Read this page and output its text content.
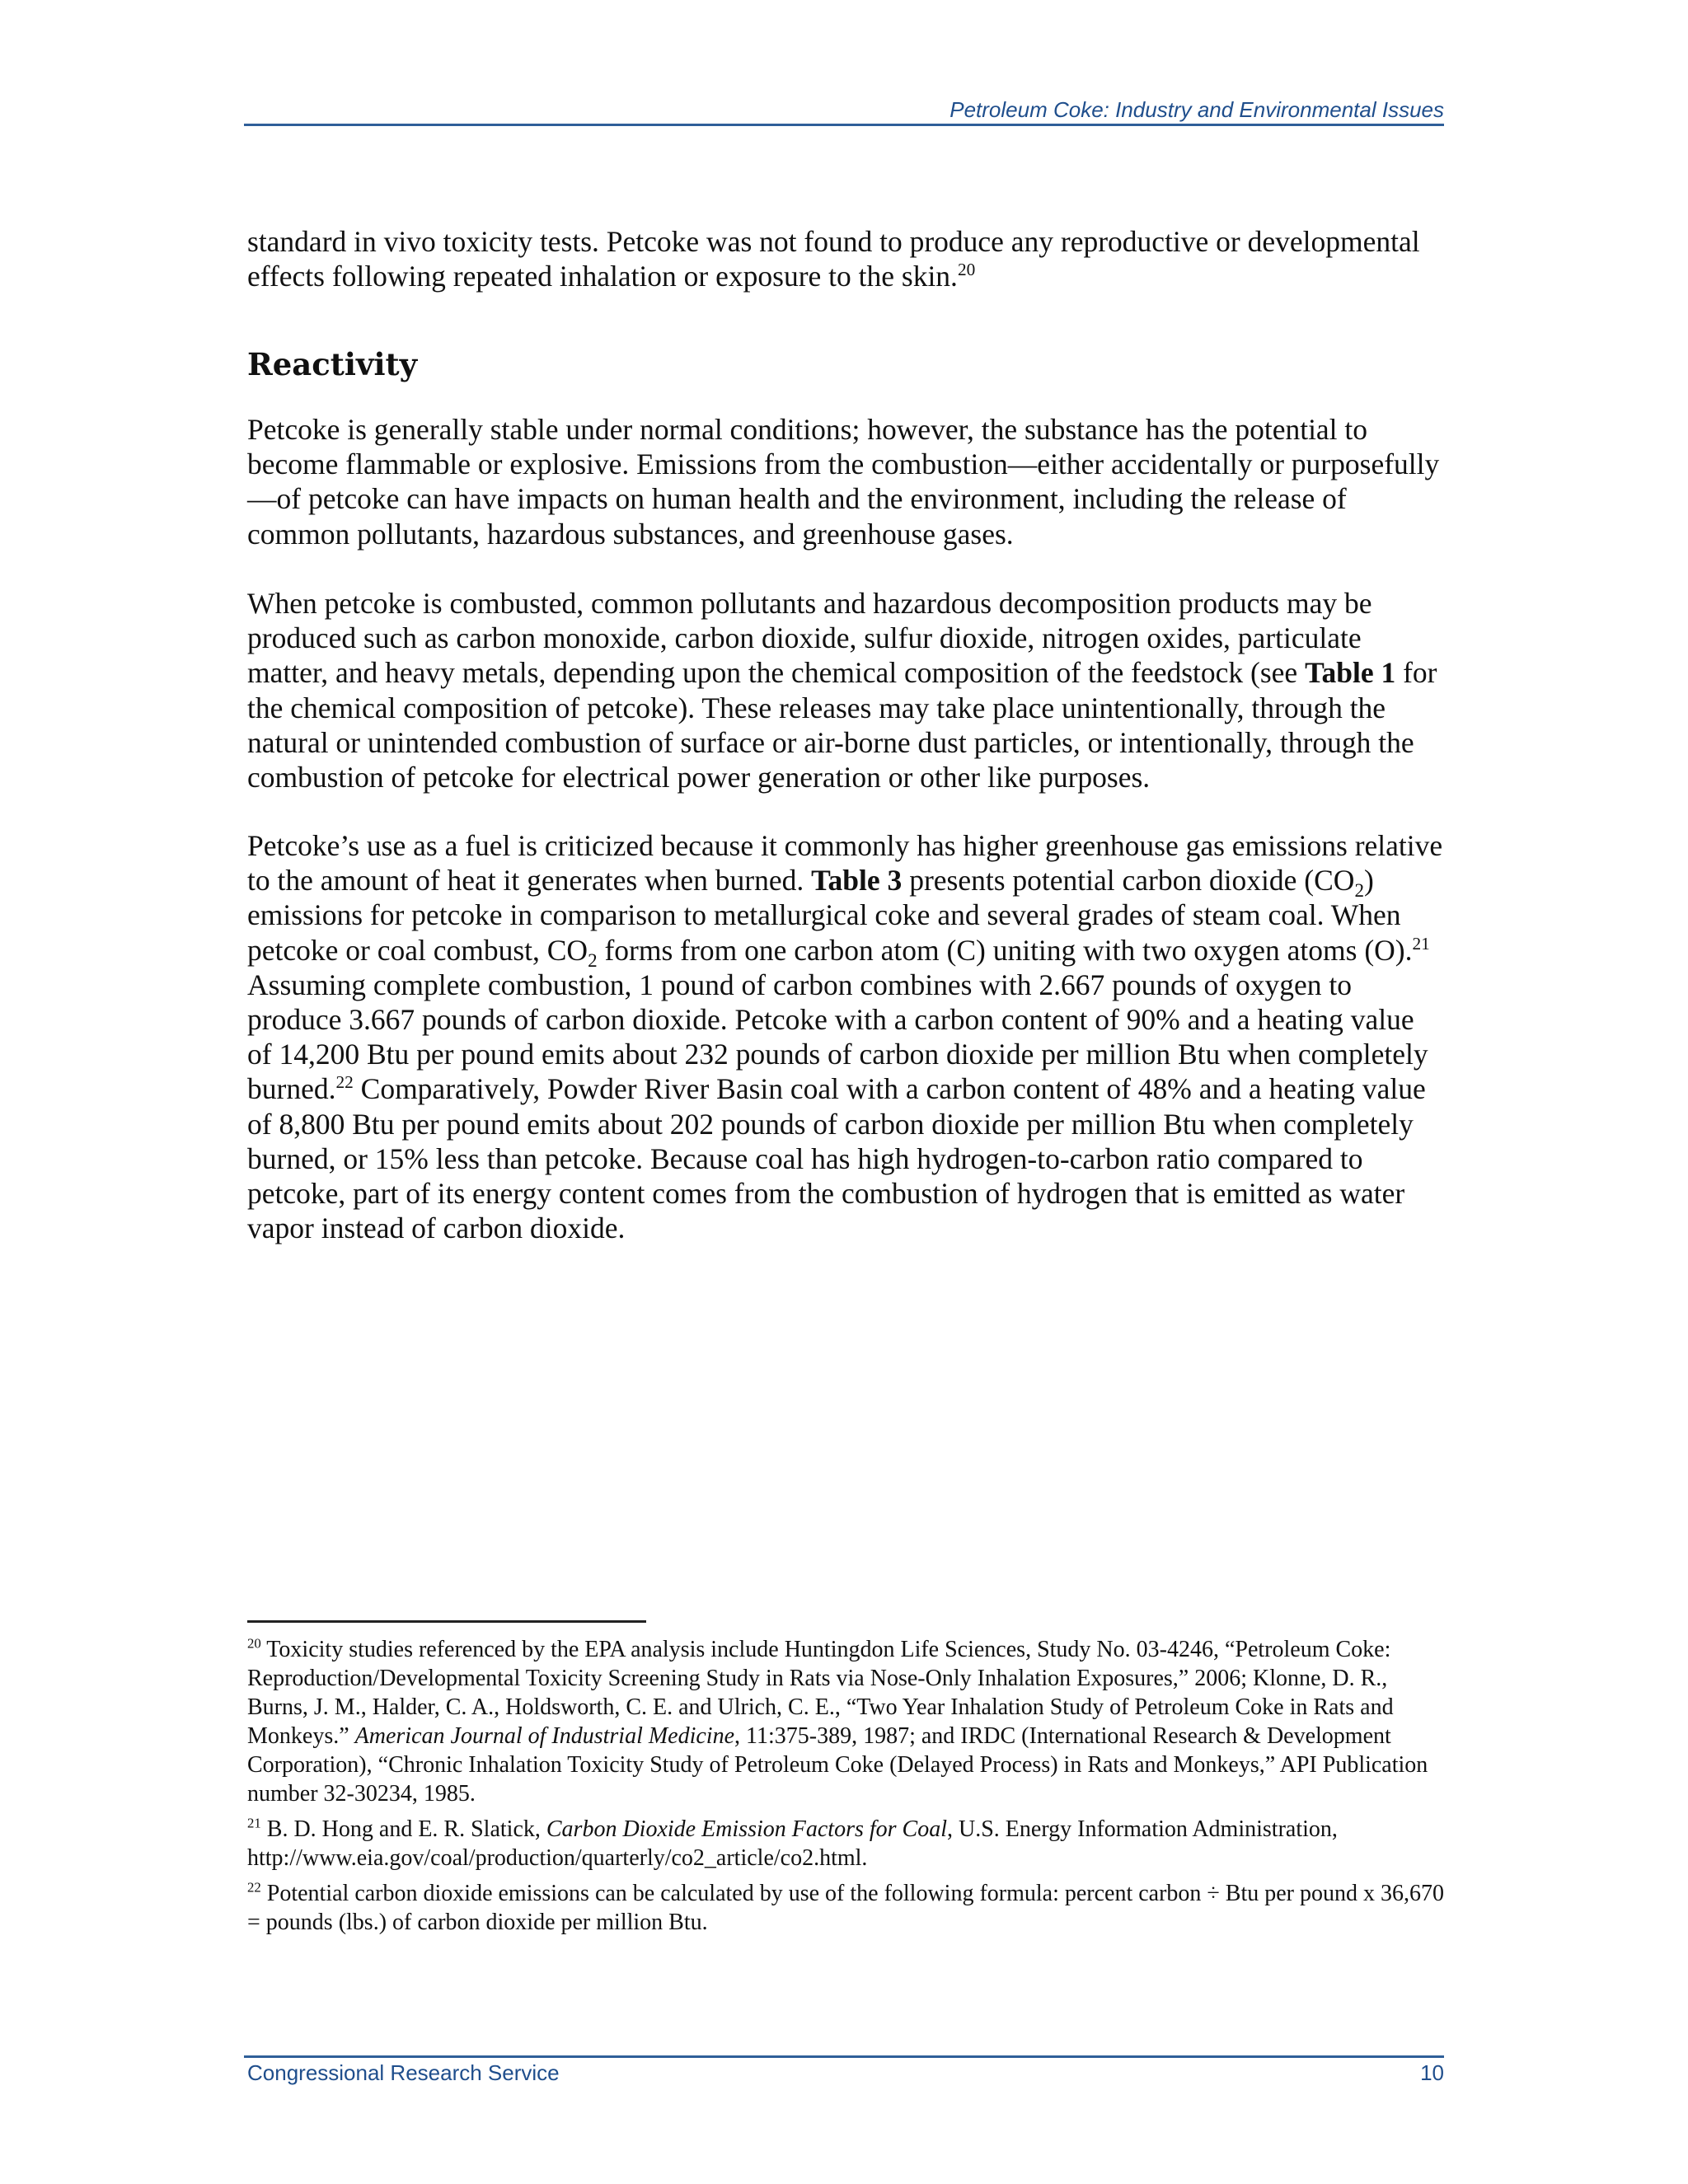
Petroleum Coke: Industry and Environmental Issues

standard in vivo toxicity tests. Petcoke was not found to produce any reproductive or developmental effects following repeated inhalation or exposure to the skin.$^{20}$

Reactivity

Petcoke is generally stable under normal conditions; however, the substance has the potential to become flammable or explosive. Emissions from the combustion—either accidentally or purposefully—of petcoke can have impacts on human health and the environment, including the release of common pollutants, hazardous substances, and greenhouse gases.

When petcoke is combusted, common pollutants and hazardous decomposition products may be produced such as carbon monoxide, carbon dioxide, sulfur dioxide, nitrogen oxides, particulate matter, and heavy metals, depending upon the chemical composition of the feedstock (see Table 1 for the chemical composition of petcoke). These releases may take place unintentionally, through the natural or unintended combustion of surface or air-borne dust particles, or intentionally, through the combustion of petcoke for electrical power generation or other like purposes.

Petcoke’s use as a fuel is criticized because it commonly has higher greenhouse gas emissions relative to the amount of heat it generates when burned. Table 3 presents potential carbon dioxide $(CO_2)$ emissions for petcoke in comparison to metallurgical coke and several grades of steam coal. When petcoke or coal combust, $CO_2$ forms from one carbon atom (C) uniting with two oxygen atoms (O).$^{21}$ Assuming complete combustion, 1 pound of carbon combines with 2.667 pounds of oxygen to produce 3.667 pounds of carbon dioxide. Petcoke with a carbon content of 90% and a heating value of 14,200 Btu per pound emits about 232 pounds of carbon dioxide per million Btu when completely burned.$^{22}$ Comparatively, Powder River Basin coal with a carbon content of 48% and a heating value of 8,800 Btu per pound emits about 202 pounds of carbon dioxide per million Btu when completely burned, or 15% less than petcoke. Because coal has high hydrogen-to-carbon ratio compared to petcoke, part of its energy content comes from the combustion of hydrogen that is emitted as water vapor instead of carbon dioxide.

$^{20}$ Toxicity studies referenced by the EPA analysis include Huntingdon Life Sciences, Study No. 03-4246, “Petroleum Coke: Reproduction/Developmental Toxicity Screening Study in Rats via Nose-Only Inhalation Exposures,” 2006; Klonne, D. R., Burns, J. M., Halder, C. A., Holdsworth, C. E. and Ulrich, C. E., “Two Year Inhalation Study of Petroleum Coke in Rats and Monkeys.” American Journal of Industrial Medicine, 11:375-389, 1987; and IRDC (International Research & Development Corporation), “Chronic Inhalation Toxicity Study of Petroleum Coke (Delayed Process) in Rats and Monkeys,” API Publication number 32-30234, 1985.

$^{21}$ B. D. Hong and E. R. Slatick, Carbon Dioxide Emission Factors for Coal, U.S. Energy Information Administration, http://www.eia.gov/coal/production/quarterly/co2_article/co2.html.

$^{22}$ Potential carbon dioxide emissions can be calculated by use of the following formula: percent carbon ÷ Btu per pound x 36,670 = pounds (lbs.) of carbon dioxide per million Btu.

Congressional Research Service	10
